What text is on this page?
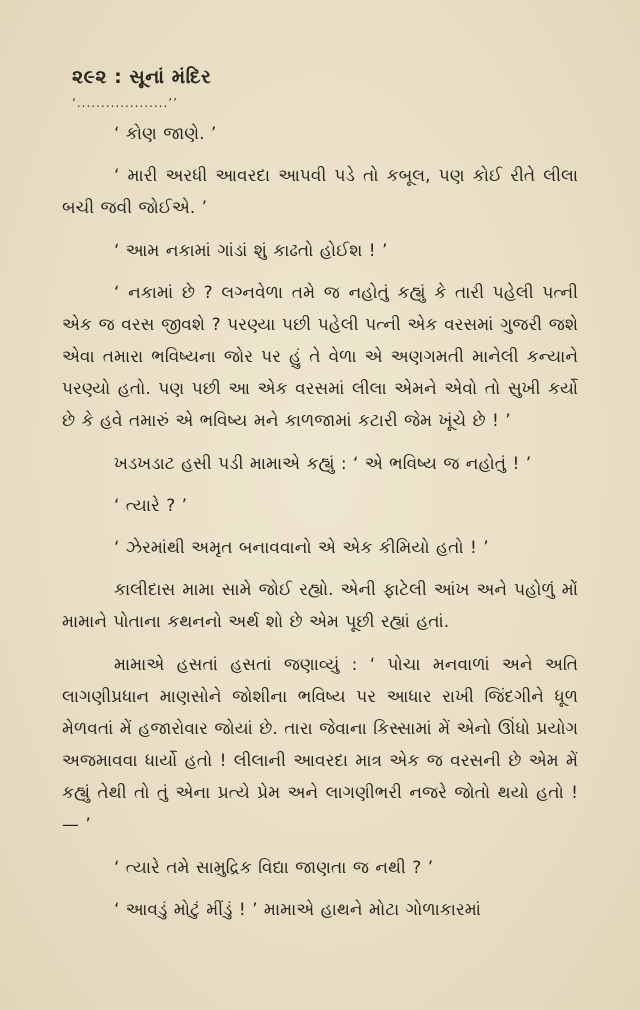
૨૯૨ : સૂનાં મંદિર
‘...................’’

‘ કોણ જાણે. ’

‘ મારી અરધી આવરદા આપવી પડે તો કબૂલ, પણ કોઈ રીતે લીલા બચી જવી જોઈએ. ’

‘ આમ નકામાં ગાંડાં શું કાઢતો હોઈશ ! ’

‘ નકામાં છે ? લગ્નવેળા તમે જ નહોતું કહ્યું કે તારી પહેલી પત્ની એક જ વરસ જીવશે ? પરણ્યા પછી પહેલી પત્ની એક વરસમાં ગુજરી જશે એવા તમારા ભવિષ્યના જોર પર હું તે વેળા એ અણગમતી માનેલી કન્યાને પરણ્યો હતો. પણ પછી આ એક વરસમાં લીલા એમને એવો તો સુખી કર્યો છે કે હવે તમારું એ ભવિષ્ય મને કાળજામાં કટારી જેમ ખૂંચે છે ! ’

ખડખડાટ હસી પડી મામાએ કહ્યું : ‘ એ ભવિષ્ય જ નહોતું ! ’

‘ ત્યારે ? ’

‘ ઝેરમાંથી અમૃત બનાવવાનો એ એક કીમિયો હતો ! ’

કાલીદાસ મામા સામે જોઈ રહ્યો. એની ફાટેલી આંખ અને પહોળું મોં મામાને પોતાના કથનનો અર્થ શો છે એમ પૂછી રહ્યાં હતાં.

મામાએ હસતાં હસતાં જણાવ્યું : ‘ પોચા મનવાળાં અને અતિ લાગણીપ્રધાન માણસોને જોશીના ભવિષ્ય પર આધાર રાખી જિંદગીને ધૂળ મેળવતાં મેં હજારોવાર જોયાં છે. તારા જેવાના કિસ્સામાં મેં એનો ઊંધો પ્રયોગ અજમાવવા ધાર્યો હતો ! લીલાની આવરદા માત્ર એક જ વરસની છે એમ મેં કહ્યું તેથી તો તું એના પ્રત્યે પ્રેમ અને લાગણીભરી નજરે જોતો થયો હતો ! — ’

‘ ત્યારે તમે સામુદ્રિક વિદ્યા જાણતા જ નથી ? ’

‘ આવડું મોટું મીંડું ! ’ મામાએ હાથને મોટા ગોળાકારમાં
